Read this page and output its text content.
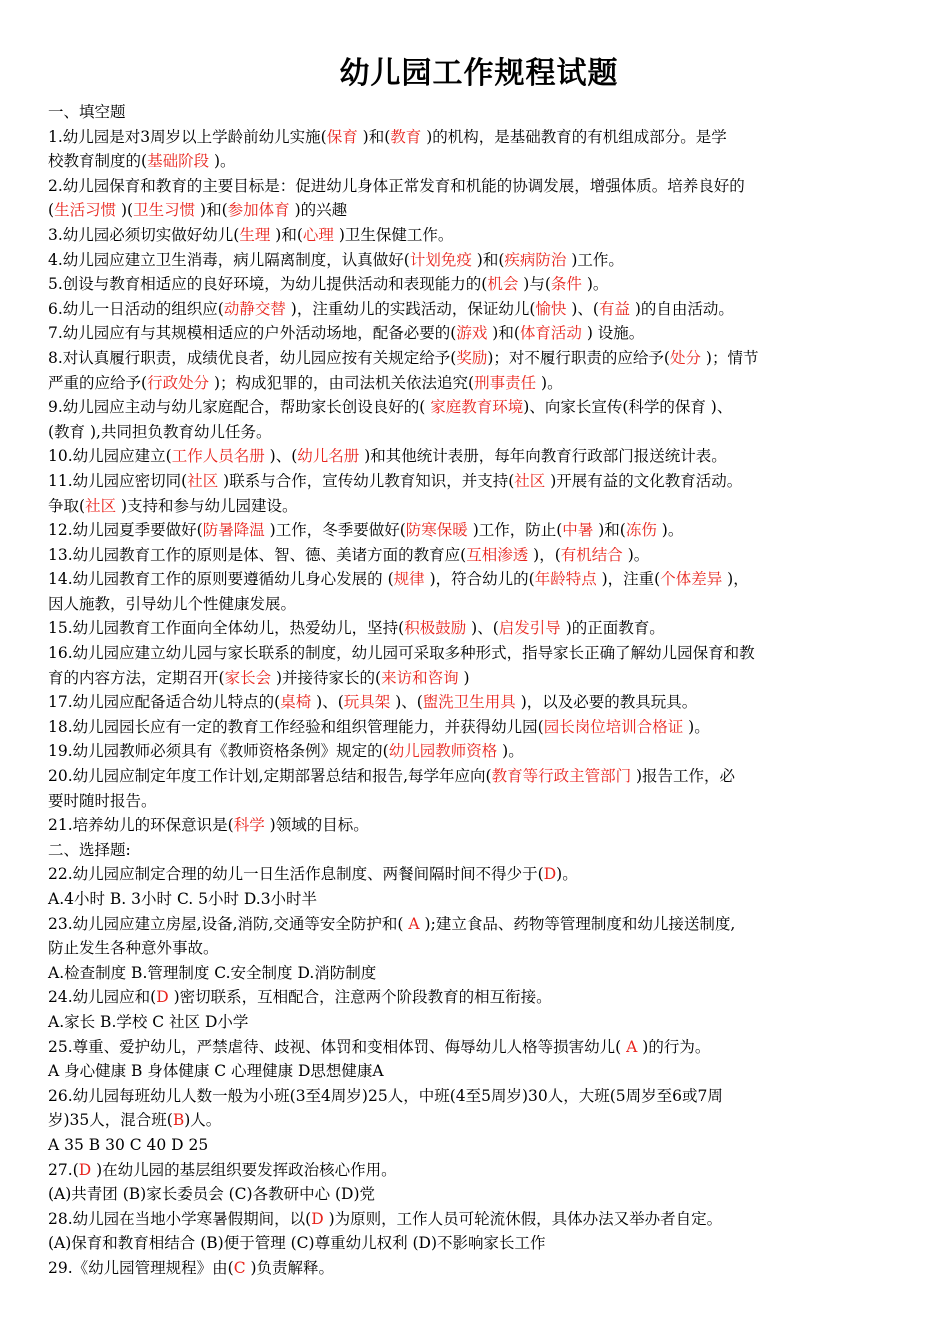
幼儿园工作规程试题
一、填空题
1.幼儿园是对3周岁以上学龄前幼儿实施(保育 )和(教育 )的机构，是基础教育的有机组成部分。是学
校教育制度的(基础阶段 )。
2.幼儿园保育和教育的主要目标是：促进幼儿身体正常发育和机能的协调发展，增强体质。培养良好的
(生活习惯 )(卫生习惯 )和(参加体育 )的兴趣
3.幼儿园必须切实做好幼儿(生理 )和(心理 )卫生保健工作。
4.幼儿园应建立卫生消毒，病儿隔离制度，认真做好(计划免疫 )和(疾病防治 )工作。
5.创设与教育相适应的良好环境，为幼儿提供活动和表现能力的(机会 )与(条件 )。
6.幼儿一日活动的组织应(动静交替 )，注重幼儿的实践活动，保证幼儿(愉快 )、(有益 )的自由活动。
7.幼儿园应有与其规模相适应的户外活动场地，配备必要的(游戏 )和(体育活动 ) 设施。
8.对认真履行职责，成绩优良者，幼儿园应按有关规定给予(奖励)；对不履行职责的应给予(处分 )；情节
严重的应给予(行政处分 )；构成犯罪的，由司法机关依法追究(刑事责任 )。
9.幼儿园应主动与幼儿家庭配合，帮助家长创设良好的( 家庭教育环境)、向家长宣传(科学的保育 )、
(教育 ),共同担负教育幼儿任务。
10.幼儿园应建立(工作人员名册 )、(幼儿名册 )和其他统计表册，每年向教育行政部门报送统计表。
11.幼儿园应密切同(社区 )联系与合作，宣传幼儿教育知识，并支持(社区 )开展有益的文化教育活动。
争取(社区 )支持和参与幼儿园建设。
12.幼儿园夏季要做好(防暑降温 )工作，冬季要做好(防寒保暖 )工作，防止(中暑 )和(冻伤 )。
13.幼儿园教育工作的原则是体、智、德、美诸方面的教育应(互相渗透 )，(有机结合 )。
14.幼儿园教育工作的原则要遵循幼儿身心发展的 (规律 )，符合幼儿的(年龄特点 )，注重(个体差异 )，
因人施教，引导幼儿个性健康发展。
15.幼儿园教育工作面向全体幼儿，热爱幼儿，坚持(积极鼓励 )、(启发引导 )的正面教育。
16.幼儿园应建立幼儿园与家长联系的制度，幼儿园可采取多种形式，指导家长正确了解幼儿园保育和教
育的内容方法，定期召开(家长会 )并接待家长的(来访和咨询 )
17.幼儿园应配备适合幼儿特点的(桌椅 )、(玩具架 )、(盥洗卫生用具 )，以及必要的教具玩具。
18.幼儿园园长应有一定的教育工作经验和组织管理能力，并获得幼儿园(园长岗位培训合格证 )。
19.幼儿园教师必须具有《教师资格条例》规定的(幼儿园教师资格 )。
20.幼儿园应制定年度工作计划,定期部署总结和报告,每学年应向(教育等行政主管部门 )报告工作，必
要时随时报告。
21.培养幼儿的环保意识是(科学 )领域的目标。
二、选择题:
22.幼儿园应制定合理的幼儿一日生活作息制度、两餐间隔时间不得少于(D)。
A.4小时 B. 3小时 C. 5小时 D.3小时半
23.幼儿园应建立房屋,设备,消防,交通等安全防护和( A );建立食品、药物等管理制度和幼儿接送制度,
防止发生各种意外事故。
A.检查制度 B.管理制度 C.安全制度 D.消防制度
24.幼儿园应和(D )密切联系，互相配合，注意两个阶段教育的相互衔接。
A.家长 B.学校 C 社区 D小学
25.尊重、爱护幼儿，严禁虐待、歧视、体罚和变相体罚、侮辱幼儿人格等损害幼儿( A )的行为。
A 身心健康 B 身体健康 C 心理健康 D思想健康A
26.幼儿园每班幼儿人数一般为小班(3至4周岁)25人，中班(4至5周岁)30人，大班(5周岁至6或7周
岁)35人，混合班(B)人。
A 35 B 30 C 40 D 25
27.(D )在幼儿园的基层组织要发挥政治核心作用。
(A)共青团 (B)家长委员会 (C)各教研中心 (D)党
28.幼儿园在当地小学寒暑假期间，以(D )为原则，工作人员可轮流休假，具体办法又举办者自定。
(A)保育和教育相结合 (B)便于管理 (C)尊重幼儿权利 (D)不影响家长工作
29.《幼儿园管理规程》由(C )负责解释。
